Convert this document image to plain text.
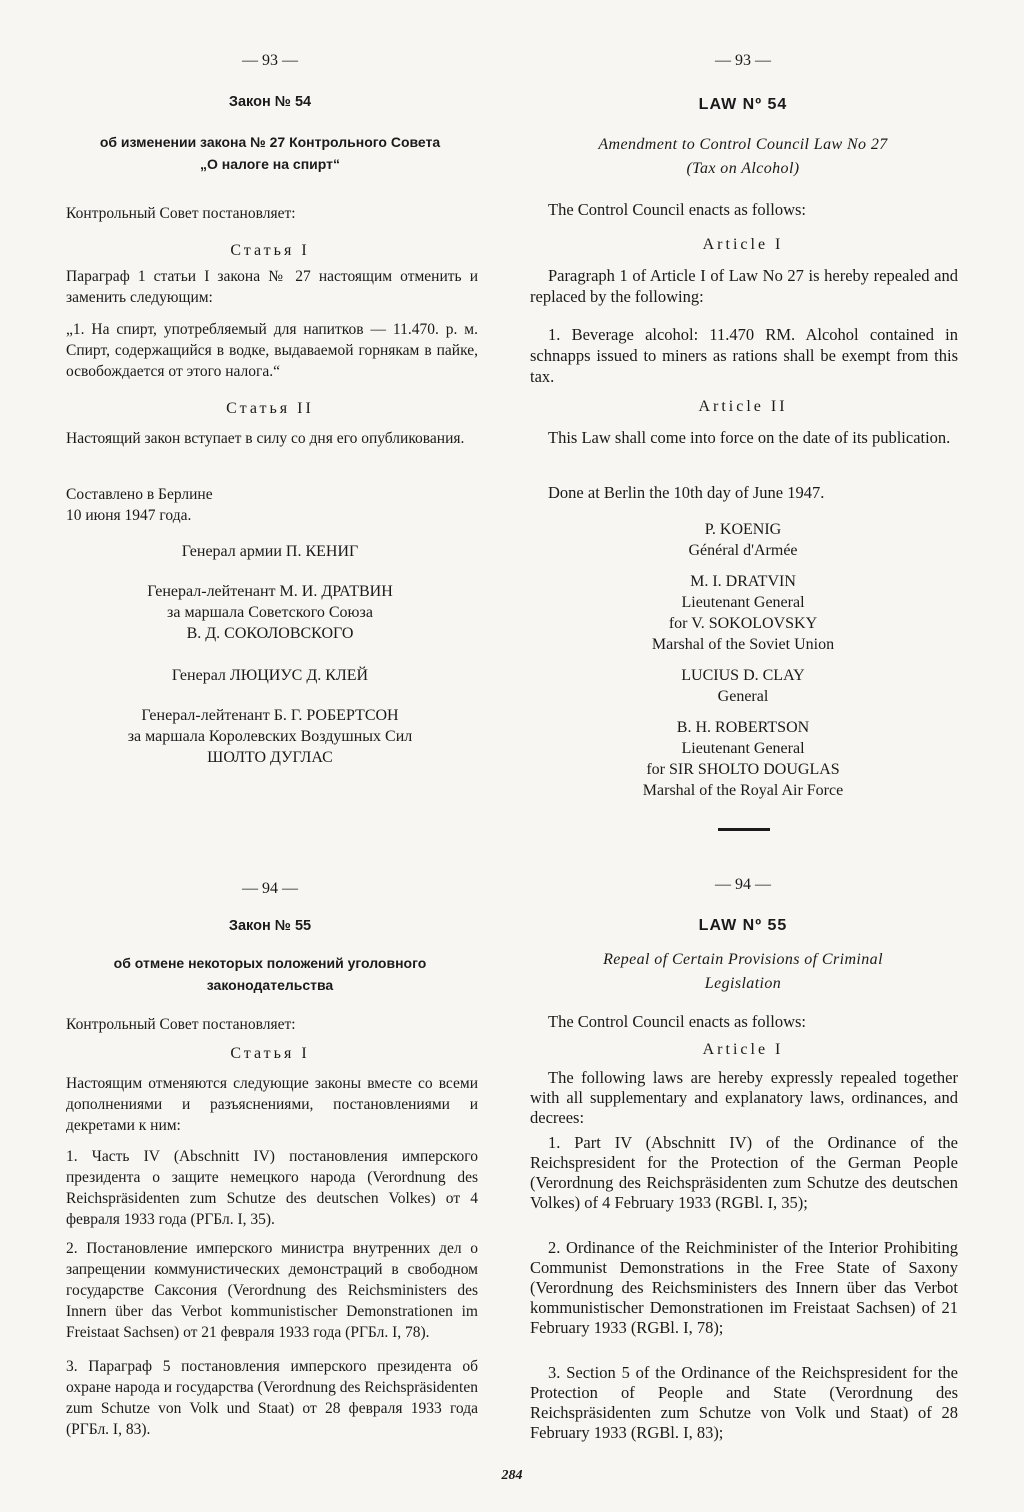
— 93 —
Закон № 54
об изменении закона № 27 Контрольного Совета
„О налоге на спирт“
Контрольный Совет постановляет:
Статья I
Параграф 1 статьи I закона № 27 настоящим отменить и заменить следующим:
„1. На спирт, употребляемый для напитков — 11.470. р. м. Спирт, содержащийся в водке, выдаваемой горнякам в пайке, освобождается от этого налога.“
Статья II
Настоящий закон вступает в силу со дня его опубликования.
Составлено в Берлине
10 июня 1947 года.
Генерал армии П. КЕНИГ
Генерал-лейтенант М. И. ДРАТВИН
за маршала Советского Союза
В. Д. СОКОЛОВСКОГО
Генерал ЛЮЦИУС Д. КЛЕЙ
Генерал-лейтенант Б. Г. РОБЕРТСОН
за маршала Королевских Воздушных Сил
ШОЛТО ДУГЛАС
— 94 —
Закон № 55
об отмене некоторых положений уголовного
законодательства
Контрольный Совет постановляет:
Статья I
Настоящим отменяются следующие законы вместе со всеми дополнениями и разъяснениями, постановлениями и декретами к ним:
1. Часть IV (Abschnitt IV) постановления имперского президента о защите немецкого народа (Verordnung des Reichspräsidenten zum Schutze des deutschen Volkes) от 4 февраля 1933 года (РГБл. I, 35).
2. Постановление имперского министра внутренних дел о запрещении коммунистических демонстраций в свободном государстве Саксония (Verordnung des Reichsministers des Innern über das Verbot kommunistischer Demonstrationen im Freistaat Sachsen) от 21 февраля 1933 года (РГБл. I, 78).
3. Параграф 5 постановления имперского президента об охране народа и государства (Verordnung des Reichspräsidenten zum Schutze von Volk und Staat) от 28 февраля 1933 года (РГБл. I, 83).
— 93 —
LAW Nº 54
Amendment to Control Council Law No 27
(Tax on Alcohol)
The Control Council enacts as follows:
Article I
Paragraph 1 of Article I of Law No 27 is hereby repealed and replaced by the following:
1. Beverage alcohol: 11.470 RM. Alcohol contained in schnapps issued to miners as rations shall be exempt from this tax.
Article II
This Law shall come into force on the date of its publication.
Done at Berlin the 10th day of June 1947.
P. KOENIG
Général d'Armée
M. I. DRATVIN
Lieutenant General
for V. SOKOLOVSKY
Marshal of the Soviet Union
LUCIUS D. CLAY
General
B. H. ROBERTSON
Lieutenant General
for SIR SHOLTO DOUGLAS
Marshal of the Royal Air Force
— 94 —
LAW Nº 55
Repeal of Certain Provisions of Criminal
Legislation
The Control Council enacts as follows:
Article I
The following laws are hereby expressly repealed together with all supplementary and explanatory laws, ordinances, and decrees:
1. Part IV (Abschnitt IV) of the Ordinance of the Reichspresident for the Protection of the German People (Verordnung des Reichspräsidenten zum Schutze des deutschen Volkes) of 4 February 1933 (RGBl. I, 35);
2. Ordinance of the Reichminister of the Interior Prohibiting Communist Demonstrations in the Free State of Saxony (Verordnung des Reichsministers des Innern über das Verbot kommunistischer Demonstrationen im Freistaat Sachsen) of 21 February 1933 (RGBl. I, 78);
3. Section 5 of the Ordinance of the Reichspresident for the Protection of People and State (Verordnung des Reichspräsidenten zum Schutze von Volk und Staat) of 28 February 1933 (RGBl. I, 83);
284
